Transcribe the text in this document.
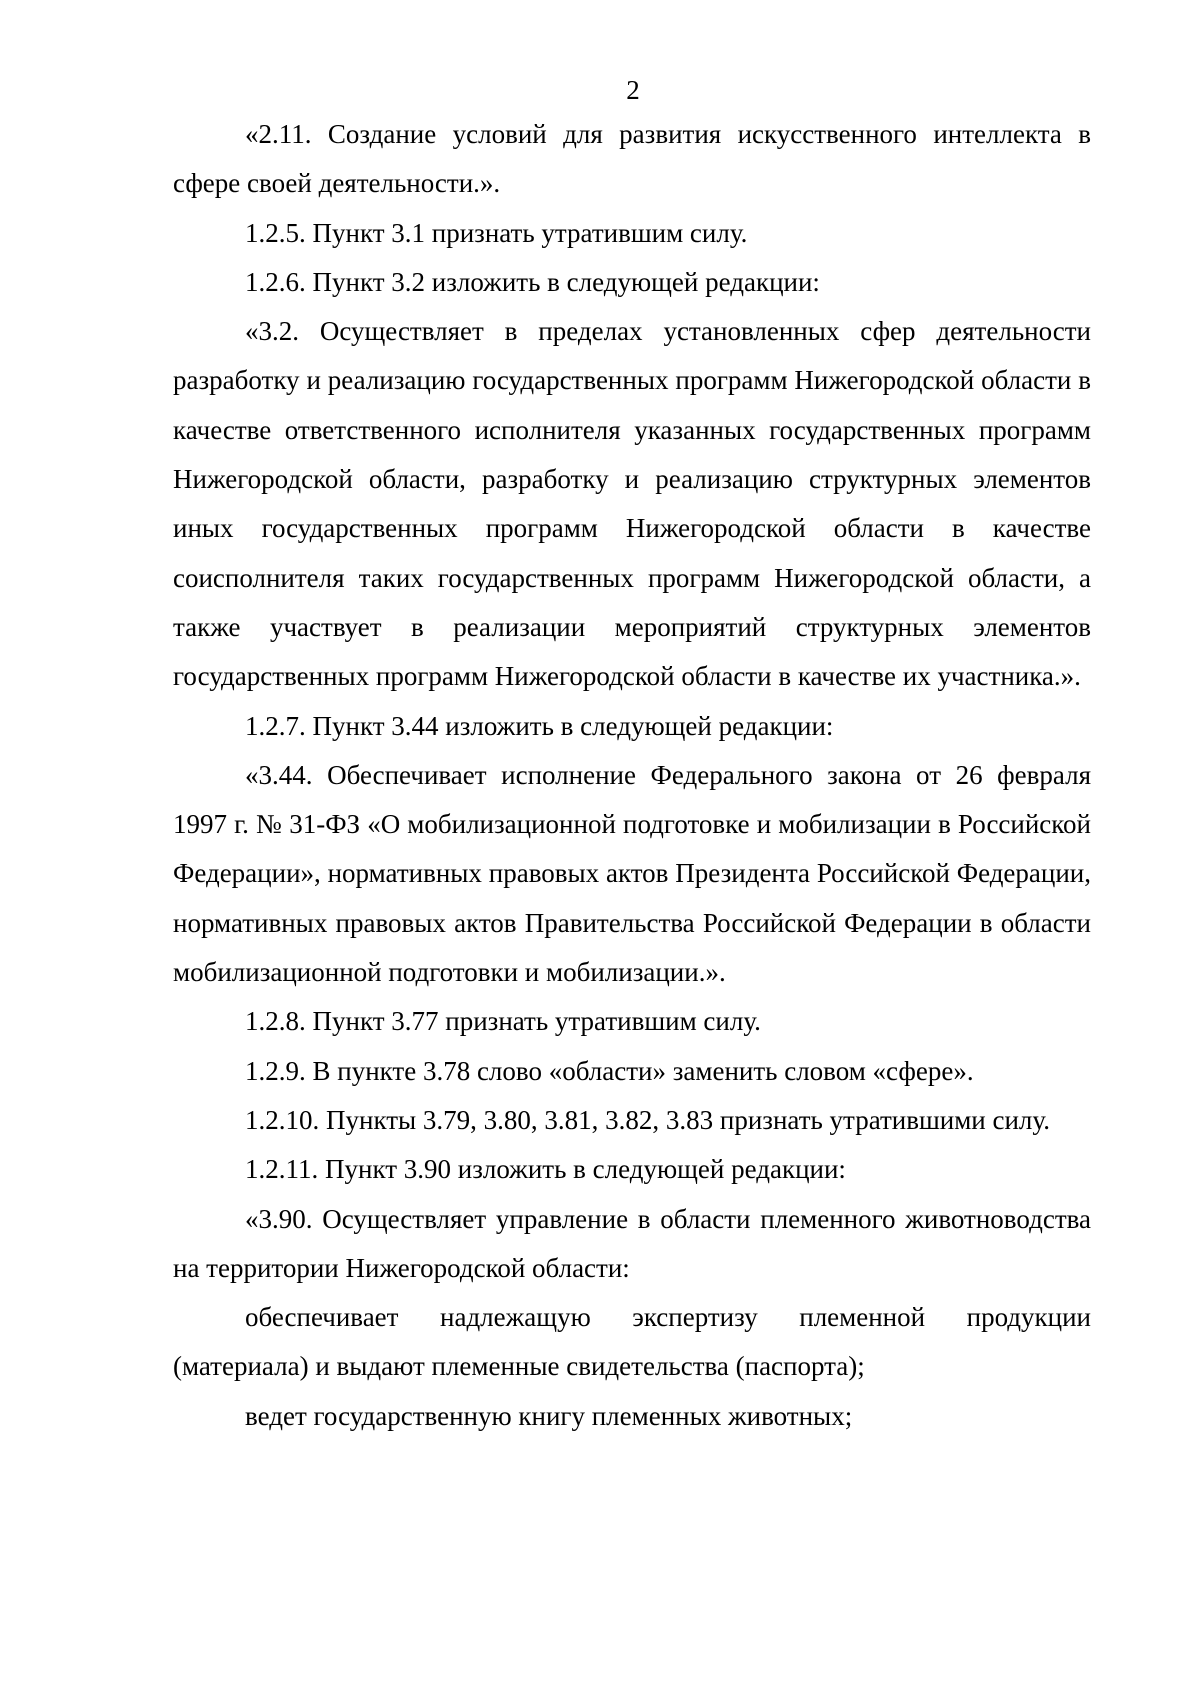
2

«2.11. Создание условий для развития искусственного интеллекта в сфере своей деятельности.».

1.2.5. Пункт 3.1 признать утратившим силу.

1.2.6. Пункт 3.2 изложить в следующей редакции:

«3.2. Осуществляет в пределах установленных сфер деятельности разработку и реализацию государственных программ Нижегородской области в качестве ответственного исполнителя указанных государственных программ Нижегородской области, разработку и реализацию структурных элементов иных государственных программ Нижегородской области в качестве соисполнителя таких государственных программ Нижегородской области, а также участвует в реализации мероприятий структурных элементов государственных программ Нижегородской области в качестве их участника.».

1.2.7. Пункт 3.44 изложить в следующей редакции:

«3.44. Обеспечивает исполнение Федерального закона от 26 февраля 1997 г. № 31-ФЗ «О мобилизационной подготовке и мобилизации в Российской Федерации», нормативных правовых актов Президента Российской Федерации, нормативных правовых актов Правительства Российской Федерации в области мобилизационной подготовки и мобилизации.».

1.2.8. Пункт 3.77 признать утратившим силу.

1.2.9. В пункте 3.78 слово «области» заменить словом «сфере».

1.2.10. Пункты 3.79, 3.80, 3.81, 3.82, 3.83 признать утратившими силу.

1.2.11. Пункт 3.90 изложить в следующей редакции:

«3.90. Осуществляет управление в области племенного животноводства на территории Нижегородской области:

обеспечивает надлежащую экспертизу племенной продукции (материала) и выдают племенные свидетельства (паспорта);

ведет государственную книгу племенных животных;
